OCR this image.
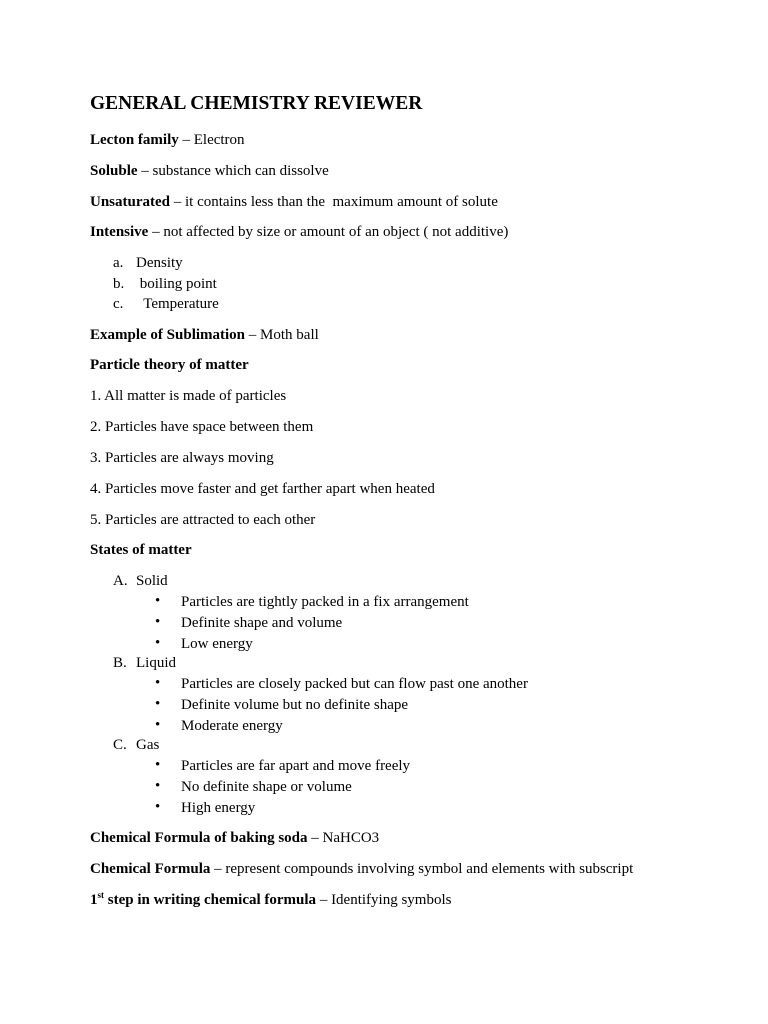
GENERAL CHEMISTRY REVIEWER
Lecton family – Electron
Soluble – substance which can dissolve
Unsaturated – it contains less than the  maximum amount of solute
Intensive – not affected by size or amount of an object ( not additive)
a. Density
b. boiling point
c. Temperature
Example of Sublimation – Moth ball
Particle theory of matter
1. All matter is made of particles
2. Particles have space between them
3. Particles are always moving
4. Particles move faster and get farther apart when heated
5. Particles are attracted to each other
States of matter
A. Solid
• Particles are tightly packed in a fix arrangement
• Definite shape and volume
• Low energy
B. Liquid
• Particles are closely packed but can flow past one another
• Definite volume but no definite shape
• Moderate energy
C. Gas
• Particles are far apart and move freely
• No definite shape or volume
• High energy
Chemical Formula of baking soda – NaHCO3
Chemical Formula – represent compounds involving symbol and elements with subscript
1st step in writing chemical formula – Identifying symbols
